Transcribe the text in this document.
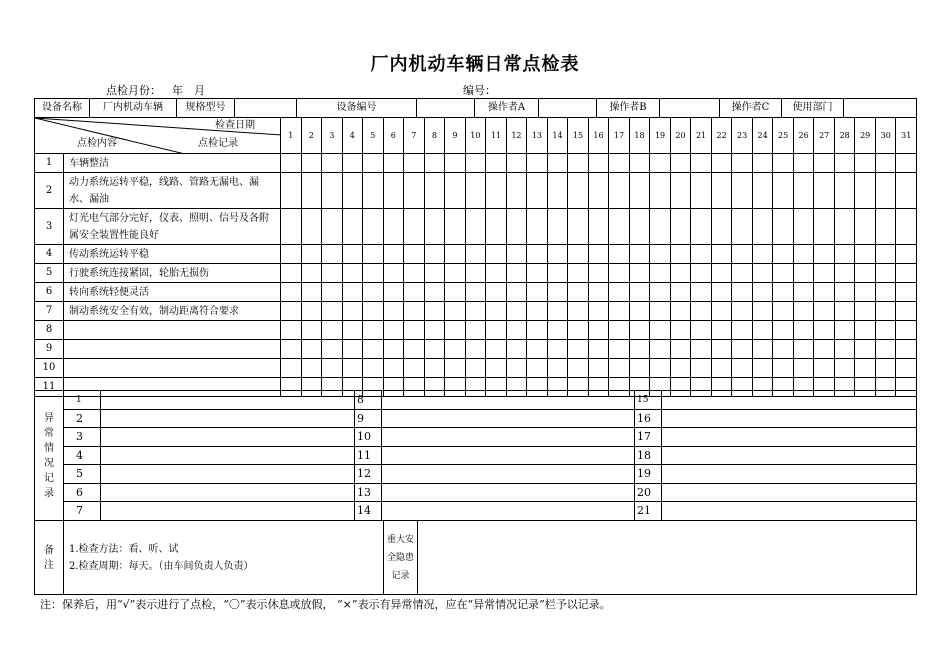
厂内机动车辆日常点检表
点检月份： 年 月	编号：
设备名称	厂内机动车辆	规格型号		设备编号		操作者A		操作者B		操作者C	使用部门	
检查日期
点检记录
点检内容		1	2	3	4	5	6	7	8	9	10	11	12	13	14	15	16	17	18	19	20	21	22	23	24	25	26	27	28	29	30	31
1	车辆整洁																															
2	动力系统运转平稳，线路、管路无漏电、漏水、漏油																															
3	灯光电气部分完好，仪表、照明、信号及各附属安全装置性能良好																															
4	传动系统运转平稳																															
5	行驶系统连接紧固，轮胎无损伤																															
6	转向系统轻便灵活																															
7	制动系统安全有效，制动距离符合要求																															
8																																
9																																
10																																
11																																
异常情况记录	1		8		15	
	2		9		16	
	3		10		17	
	4		11		18	
	5		12		19	
	6		13		20	
	7		14		21	
备注	
1.检查方法：看、听、试
2.检查周期：每天。（由车间负责人负责）
	重大安全隐患记录	
注：保养后，用“√”表示进行了点检，“〇”表示休息或放假， “×”表示有异常情况，应在“异常情况记录”栏予以记录。
